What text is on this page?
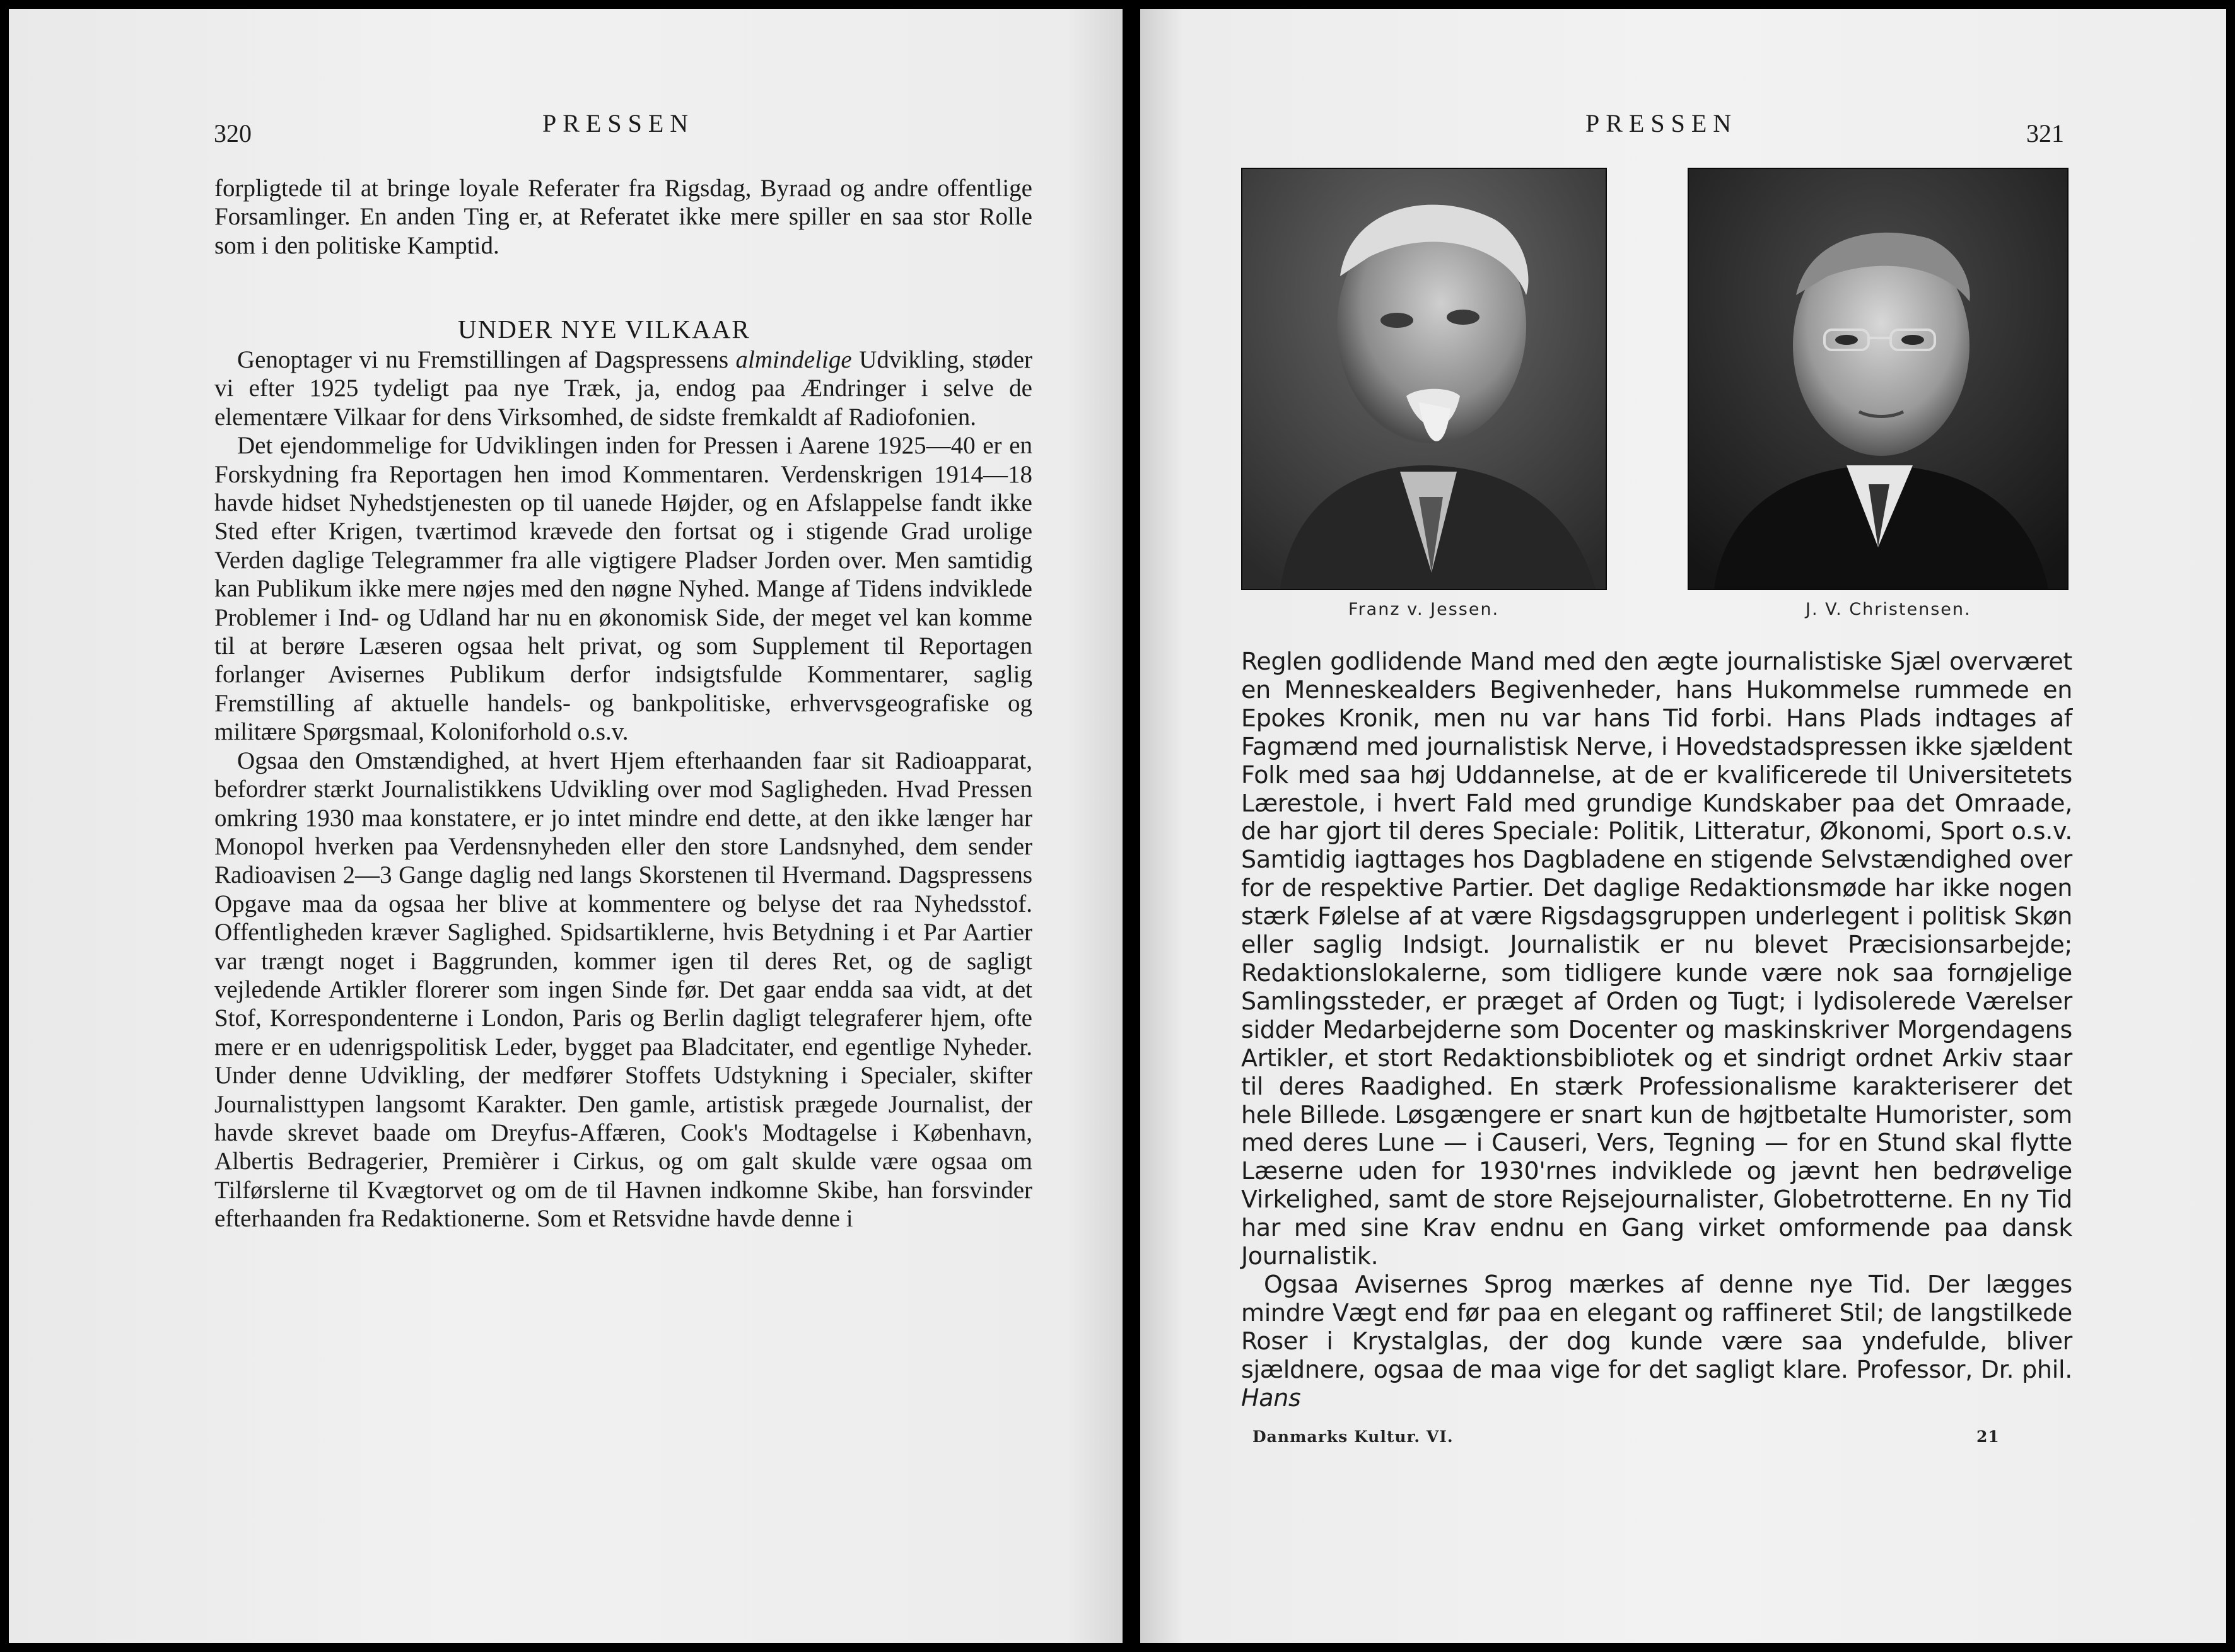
320	PRESSEN

forpligtede til at bringe loyale Referater fra Rigsdag, Byraad og andre offentlige Forsamlinger. En anden Ting er, at Referatet ikke mere spiller en saa stor Rolle som i den politiske Kamptid.

UNDER NYE VILKAAR

Genoptager vi nu Fremstillingen af Dagspressens almindelige Udvikling, støder vi efter 1925 tydeligt paa nye Træk, ja, endog paa Ændringer i selve de elementære Vilkaar for dens Virksomhed, de sidste fremkaldt af Radiofonien.

Det ejendommelige for Udviklingen inden for Pressen i Aarene 1925—40 er en Forskydning fra Reportagen hen imod Kommentaren. Verdenskrigen 1914—18 havde hidset Nyhedstjenesten op til uanede Højder, og en Afslappelse fandt ikke Sted efter Krigen, tværtimod krævede den fortsat og i stigende Grad urolige Verden daglige Telegrammer fra alle vigtigere Pladser Jorden over. Men samtidig kan Publikum ikke mere nøjes med den nøgne Nyhed. Mange af Tidens indviklede Problemer i Ind- og Udland har nu en økonomisk Side, der meget vel kan komme til at berøre Læseren ogsaa helt privat, og som Supplement til Reportagen forlanger Avisernes Publikum derfor indsigtsfulde Kommentarer, saglig Fremstilling af aktuelle handels- og bankpolitiske, erhvervsgeografiske og militære Spørgsmaal, Koloniforhold o.s.v.

Ogsaa den Omstændighed, at hvert Hjem efterhaanden faar sit Radioapparat, befordrer stærkt Journalistikkens Udvikling over mod Sagligheden. Hvad Pressen omkring 1930 maa konstatere, er jo intet mindre end dette, at den ikke længer har Monopol hverken paa Verdensnyheden eller den store Landsnyhed, dem sender Radioavisen 2—3 Gange daglig ned langs Skorstenen til Hvermand. Dagspressens Opgave maa da ogsaa her blive at kommentere og belyse det raa Nyhedsstof. Offentligheden kræver Saglighed. Spidsartiklerne, hvis Betydning i et Par Aartier var trængt noget i Baggrunden, kommer igen til deres Ret, og de sagligt vejledende Artikler florerer som ingen Sinde før. Det gaar endda saa vidt, at det Stof, Korrespondenterne i London, Paris og Berlin dagligt telegraferer hjem, ofte mere er en udenrigspolitisk Leder, bygget paa Bladcitater, end egentlige Nyheder. Under denne Udvikling, der medfører Stoffets Udstykning i Specialer, skifter Journalisttypen langsomt Karakter. Den gamle, artistisk prægede Journalist, der havde skrevet baade om Dreyfus-Affæren, Cook's Modtagelse i København, Albertis Bedragerier, Premièrer i Cirkus, og om galt skulde være ogsaa om Tilførslerne til Kvægtorvet og om de til Havnen indkomne Skibe, han forsvinder efterhaanden fra Redaktionerne. Som et Retsvidne havde denne i

PRESSEN	321
Franz v. Jessen.	J. V. Christensen.

Reglen godlidende Mand med den ægte journalistiske Sjæl overværet en Menneskealders Begivenheder, hans Hukommelse rummede en Epokes Kronik, men nu var hans Tid forbi. Hans Plads indtages af Fagmænd med journalistisk Nerve, i Hovedstadspressen ikke sjældent Folk med saa høj Uddannelse, at de er kvalificerede til Universitetets Lærestole, i hvert Fald med grundige Kundskaber paa det Omraade, de har gjort til deres Speciale: Politik, Litteratur, Økonomi, Sport o.s.v. Samtidig iagttages hos Dagbladene en stigende Selvstændighed over for de respektive Partier. Det daglige Redaktionsmøde har ikke nogen stærk Følelse af at være Rigsdagsgruppen underlegent i politisk Skøn eller saglig Indsigt. Journalistik er nu blevet Præcisionsarbejde; Redaktionslokalerne, som tidligere kunde være nok saa fornøjelige Samlingssteder, er præget af Orden og Tugt; i lydisolerede Værelser sidder Medarbejderne som Docenter og maskinskriver Morgendagens Artikler, et stort Redaktionsbibliotek og et sindrigt ordnet Arkiv staar til deres Raadighed. En stærk Professionalisme karakteriserer det hele Billede. Løsgængere er snart kun de højtbetalte Humorister, som med deres Lune — i Causeri, Vers, Tegning — for en Stund skal flytte Læserne uden for 1930'rnes indviklede og jævnt hen bedrøvelige Virkelighed, samt de store Rejsejournalister, Globetrotterne. En ny Tid har med sine Krav endnu en Gang virket omformende paa dansk Journalistik.

Ogsaa Avisernes Sprog mærkes af denne nye Tid. Der lægges mindre Vægt end før paa en elegant og raffineret Stil; de langstilkede Roser i Krystalglas, der dog kunde være saa yndefulde, bliver sjældnere, ogsaa de maa vige for det sagligt klare. Professor, Dr. phil. Hans

Danmarks Kultur. VI.	21
